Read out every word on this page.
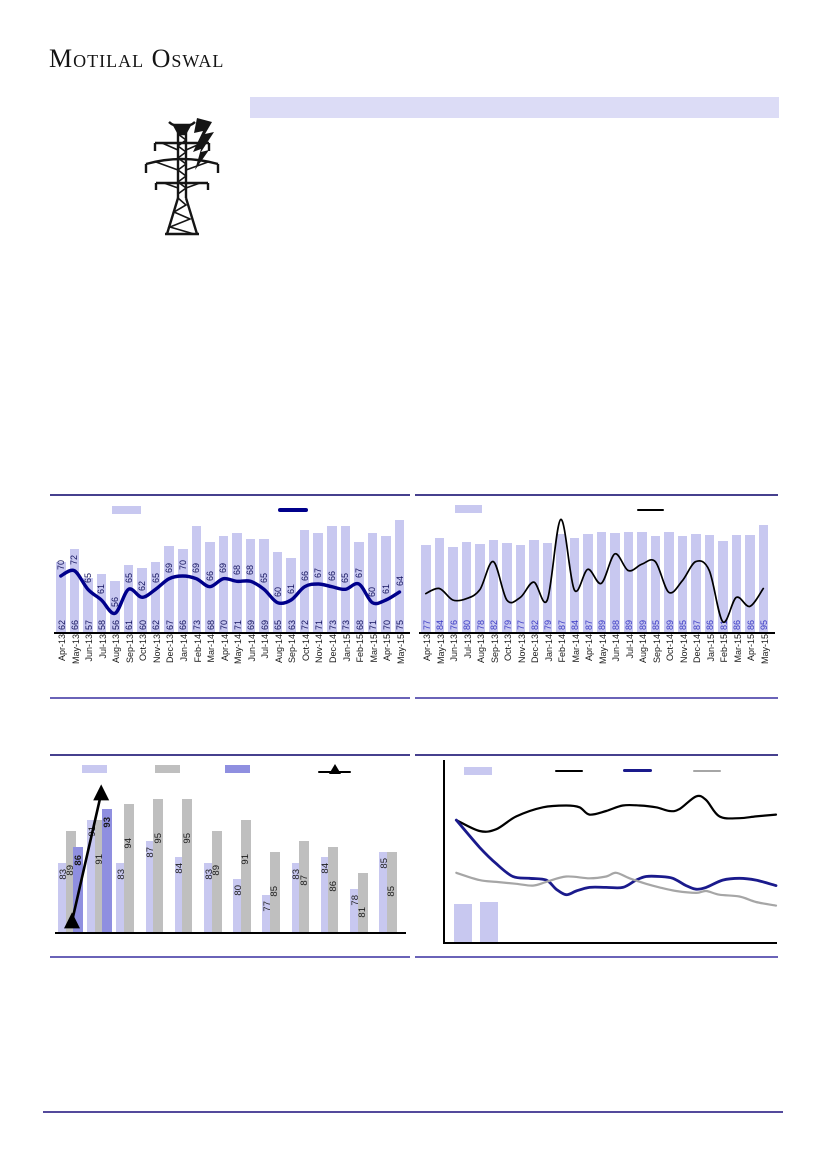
Motilal Oswal
62
Apr-13
66
May-13
57
Jun-13
58
Jul-13
56
Aug-13
61
Sep-13
60
Oct-13
62
Nov-13
67
Dec-13
66
Jan-14
73
Feb-14
68
Mar-14
70
Apr-14
71
May-14
69
Jun-14
69
Jul-14
65
Aug-14
63
Sep-14
72
Oct-14
71
Nov-14
73
Dec-14
73
Jan-15
68
Feb-15
71
Mar-15
70
Apr-15
75
May-15
70
72
65
61
56
65
62
65
69 70 69
66
69 68 68
65
60 61
66 67 66 65
67
60 61
64
77
Apr-13
84
May-13
76
Jun-13
80
Jul-13
78
Aug-13
82
Sep-13
79
Oct-13
77
Nov-13
82
Dec-13
79
Jan-14
87
Feb-14
84
Mar-14
87
Apr-14
89
May-14
88
Jun-14
89
Jul-14
89
Aug-14
85
Sep-14
89
Oct-14
85
Nov-14
87
Dec-14
86
Jan-15
81
Feb-15
86
Mar-15
86
Apr-15
95
May-15
83
89
86
91
91
93
83
94
87
95
84
95
83
89
80
91
77
85
83
87
84
86
78
81
85
85
